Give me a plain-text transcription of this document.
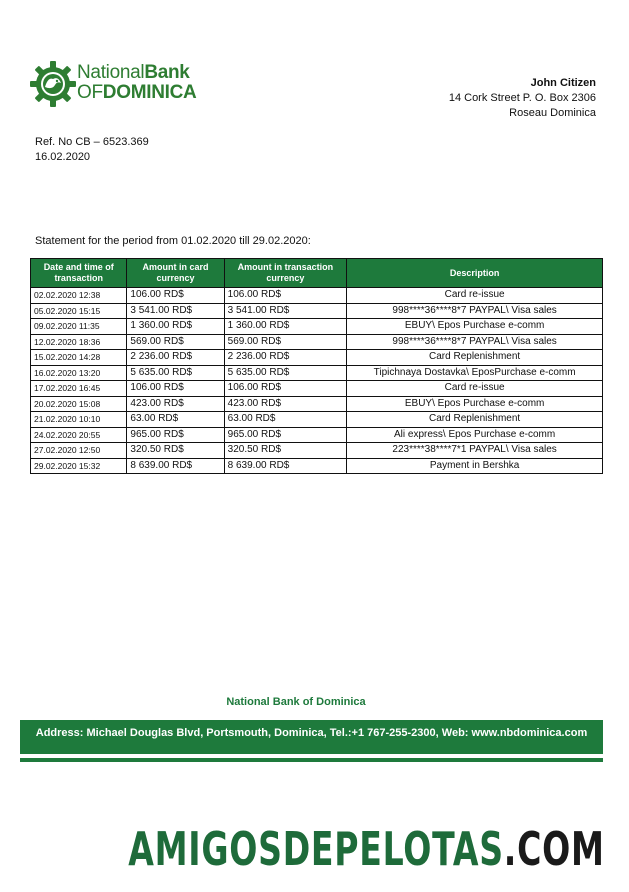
NationalBank
OFDOMINICA	John Citizen
14 Cork Street P. O. Box 2306
Roseau Dominica
Ref. No CB – 6523.369
16.02.2020
Statement for the period from 01.02.2020 till 29.02.2020:
Date and time of transaction	Amount in card currency	Amount in transaction currency	Description
02.02.2020 12:38	106.00 RD$	106.00 RD$	Card re-issue
05.02.2020 15:15	3 541.00 RD$	3 541.00 RD$	998****36****8*7 PAYPAL\ Visa sales
09.02.2020 11:35	1 360.00 RD$	1 360.00 RD$	EBUY\ Epos Purchase e-comm
12.02.2020 18:36	569.00 RD$	569.00 RD$	998****36****8*7 PAYPAL\ Visa sales
15.02.2020 14:28	2 236.00 RD$	2 236.00 RD$	Card Replenishment
16.02.2020 13:20	5 635.00 RD$	5 635.00 RD$	Tipichnaya Dostavka\ EposPurchase e-comm
17.02.2020 16:45	106.00 RD$	106.00 RD$	Card re-issue
20.02.2020 15:08	423.00 RD$	423.00 RD$	EBUY\ Epos Purchase e-comm
21.02.2020 10:10	63.00 RD$	63.00 RD$	Card Replenishment
24.02.2020 20:55	965.00 RD$	965.00 RD$	Ali express\ Epos Purchase e-comm
27.02.2020 12:50	320.50 RD$	320.50 RD$	223****38****7*1 PAYPAL\ Visa sales
29.02.2020 15:32	8 639.00 RD$	8 639.00 RD$	Payment in Bershka
National Bank of Dominica
Address: Michael Douglas Blvd, Portsmouth, Dominica, Tel.:+1 767-255-2300, Web: www.nbdominica.com
AMIGOSDEPELOTAS.COM
